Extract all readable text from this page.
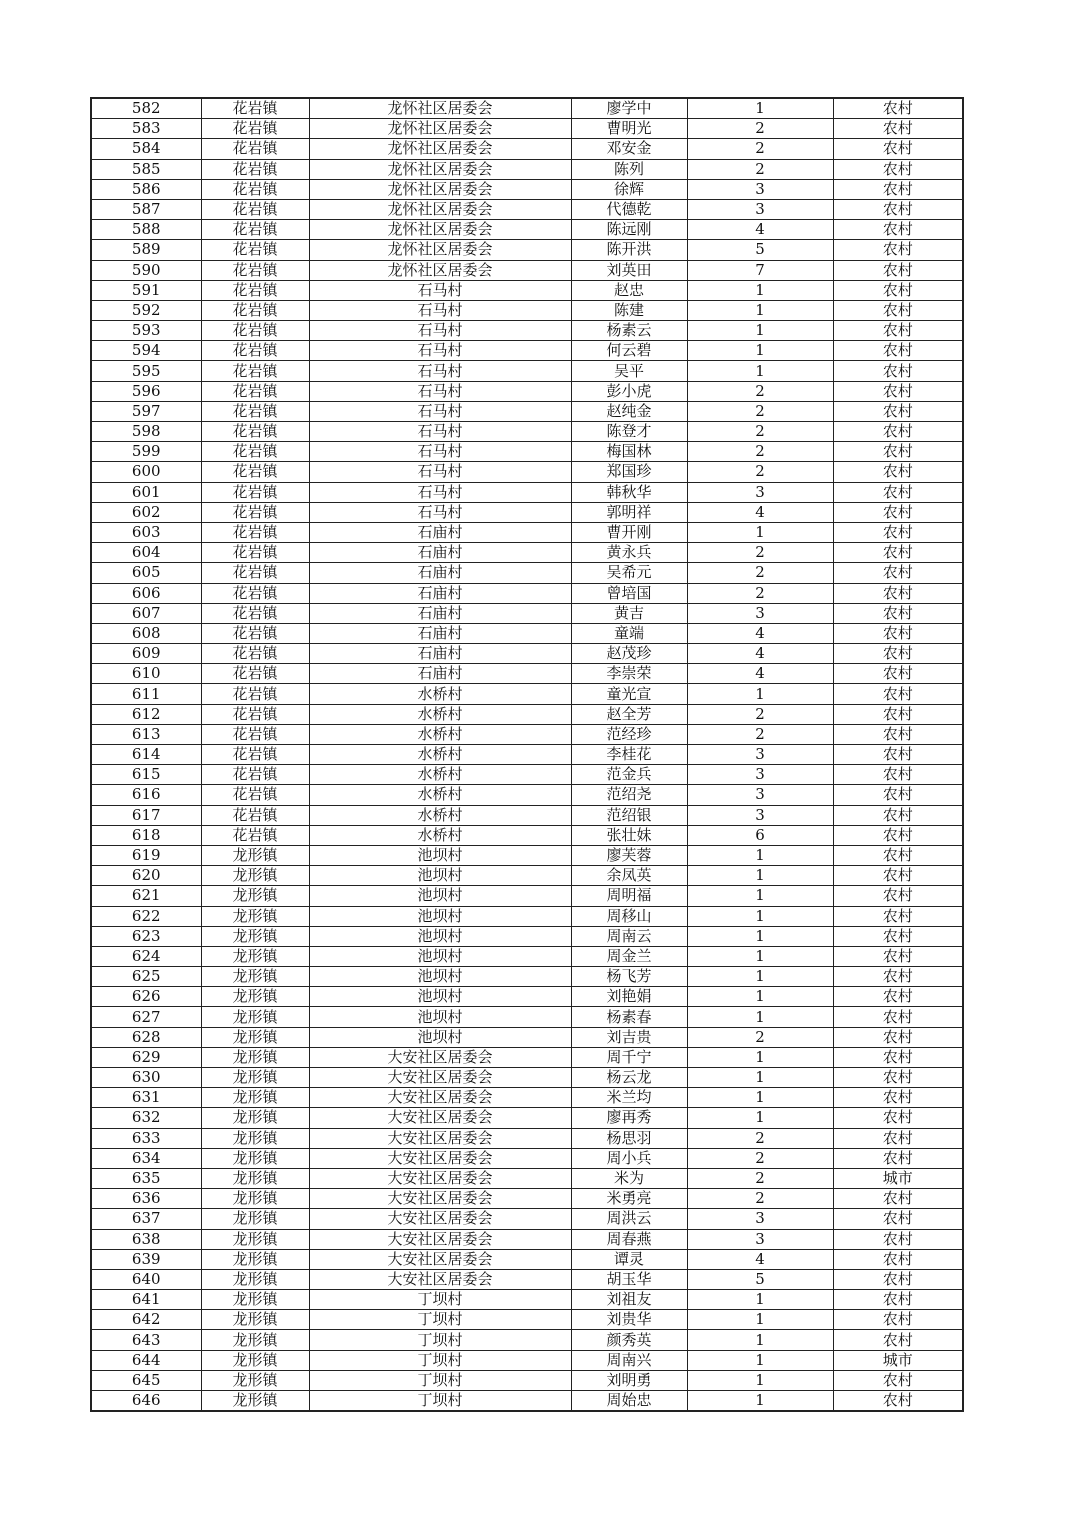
582	花岩镇	龙怀社区居委会	廖学中	1	农村
583	花岩镇	龙怀社区居委会	曹明光	2	农村
584	花岩镇	龙怀社区居委会	邓安金	2	农村
585	花岩镇	龙怀社区居委会	陈列	2	农村
586	花岩镇	龙怀社区居委会	徐辉	3	农村
587	花岩镇	龙怀社区居委会	代德乾	3	农村
588	花岩镇	龙怀社区居委会	陈远刚	4	农村
589	花岩镇	龙怀社区居委会	陈开洪	5	农村
590	花岩镇	龙怀社区居委会	刘英田	7	农村
591	花岩镇	石马村	赵忠	1	农村
592	花岩镇	石马村	陈建	1	农村
593	花岩镇	石马村	杨素云	1	农村
594	花岩镇	石马村	何云碧	1	农村
595	花岩镇	石马村	吴平	1	农村
596	花岩镇	石马村	彭小虎	2	农村
597	花岩镇	石马村	赵纯金	2	农村
598	花岩镇	石马村	陈登才	2	农村
599	花岩镇	石马村	梅国林	2	农村
600	花岩镇	石马村	郑国珍	2	农村
601	花岩镇	石马村	韩秋华	3	农村
602	花岩镇	石马村	郭明祥	4	农村
603	花岩镇	石庙村	曹开刚	1	农村
604	花岩镇	石庙村	黄永兵	2	农村
605	花岩镇	石庙村	吴希元	2	农村
606	花岩镇	石庙村	曾培国	2	农村
607	花岩镇	石庙村	黄吉	3	农村
608	花岩镇	石庙村	童端	4	农村
609	花岩镇	石庙村	赵茂珍	4	农村
610	花岩镇	石庙村	李崇荣	4	农村
611	花岩镇	水桥村	童光宣	1	农村
612	花岩镇	水桥村	赵全芳	2	农村
613	花岩镇	水桥村	范经珍	2	农村
614	花岩镇	水桥村	李桂花	3	农村
615	花岩镇	水桥村	范金兵	3	农村
616	花岩镇	水桥村	范绍尧	3	农村
617	花岩镇	水桥村	范绍银	3	农村
618	花岩镇	水桥村	张壮妹	6	农村
619	龙形镇	池坝村	廖芙蓉	1	农村
620	龙形镇	池坝村	余凤英	1	农村
621	龙形镇	池坝村	周明福	1	农村
622	龙形镇	池坝村	周移山	1	农村
623	龙形镇	池坝村	周南云	1	农村
624	龙形镇	池坝村	周金兰	1	农村
625	龙形镇	池坝村	杨飞芳	1	农村
626	龙形镇	池坝村	刘艳娟	1	农村
627	龙形镇	池坝村	杨素春	1	农村
628	龙形镇	池坝村	刘吉贵	2	农村
629	龙形镇	大安社区居委会	周千宁	1	农村
630	龙形镇	大安社区居委会	杨云龙	1	农村
631	龙形镇	大安社区居委会	米兰均	1	农村
632	龙形镇	大安社区居委会	廖再秀	1	农村
633	龙形镇	大安社区居委会	杨思羽	2	农村
634	龙形镇	大安社区居委会	周小兵	2	农村
635	龙形镇	大安社区居委会	米为	2	城市
636	龙形镇	大安社区居委会	米勇亮	2	农村
637	龙形镇	大安社区居委会	周洪云	3	农村
638	龙形镇	大安社区居委会	周春燕	3	农村
639	龙形镇	大安社区居委会	谭灵	4	农村
640	龙形镇	大安社区居委会	胡玉华	5	农村
641	龙形镇	丁坝村	刘祖友	1	农村
642	龙形镇	丁坝村	刘贵华	1	农村
643	龙形镇	丁坝村	颜秀英	1	农村
644	龙形镇	丁坝村	周南兴	1	城市
645	龙形镇	丁坝村	刘明勇	1	农村
646	龙形镇	丁坝村	周始忠	1	农村
